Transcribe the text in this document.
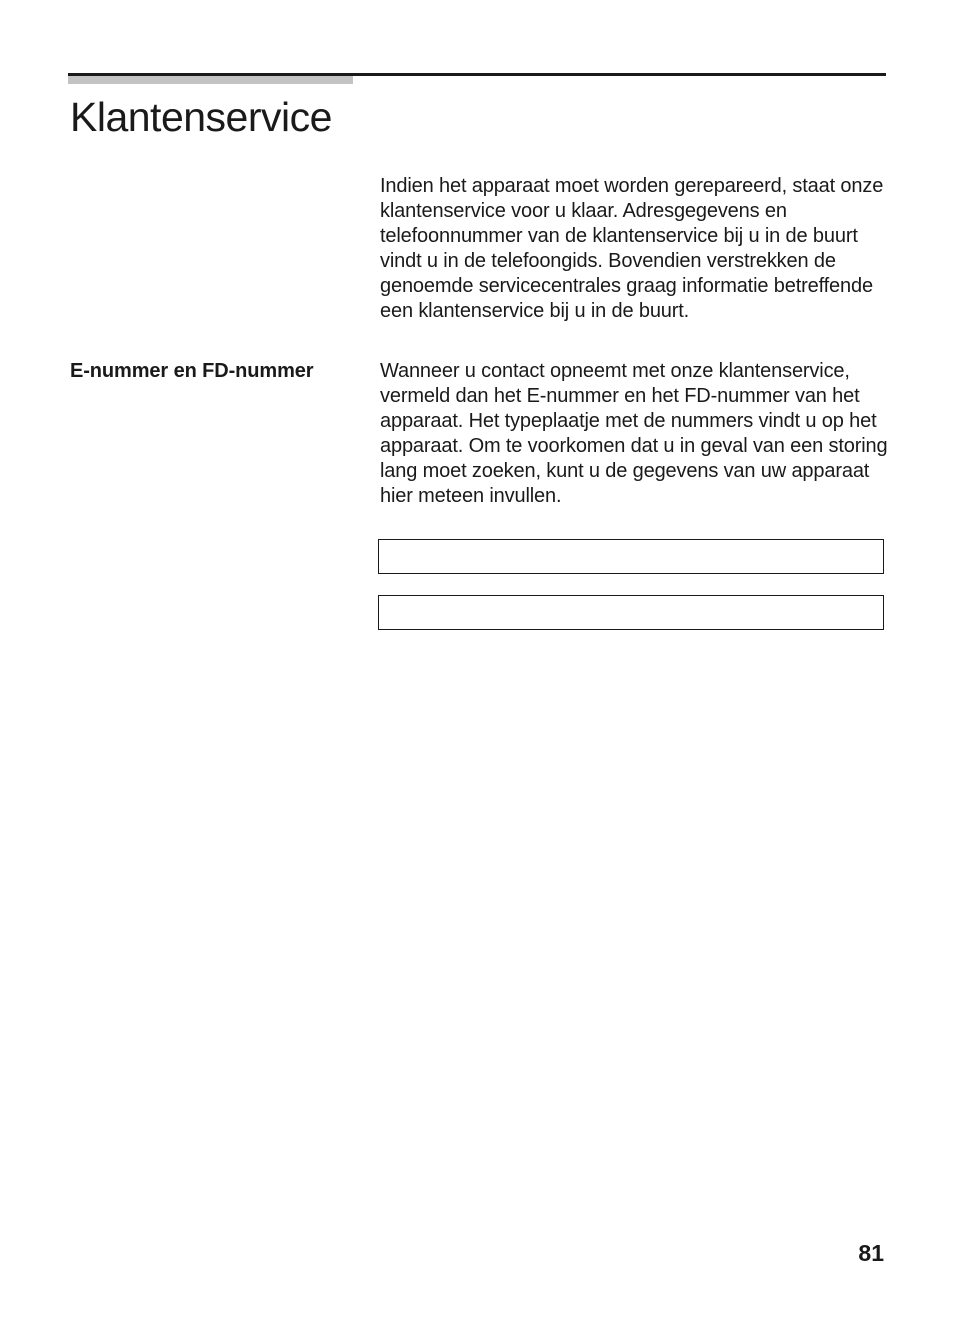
Klantenservice

Indien het apparaat moet worden gerepareerd, staat onze klantenservice voor u klaar. Adresgegevens en telefoonnummer van de klantenservice bij u in de buurt vindt u in de telefoongids. Bovendien verstrekken de genoemde servicecentrales graag informatie betreffende een klantenservice bij u in de buurt.

E-nummer en FD-nummer	Wanneer u contact opneemt met onze klantenservice, vermeld dan het E-nummer en het FD-nummer van het apparaat. Het typeplaatje met de nummers vindt u op het apparaat. Om te voorkomen dat u in geval van een storing lang moet zoeken, kunt u de gegevens van uw apparaat hier meteen invullen.

81
